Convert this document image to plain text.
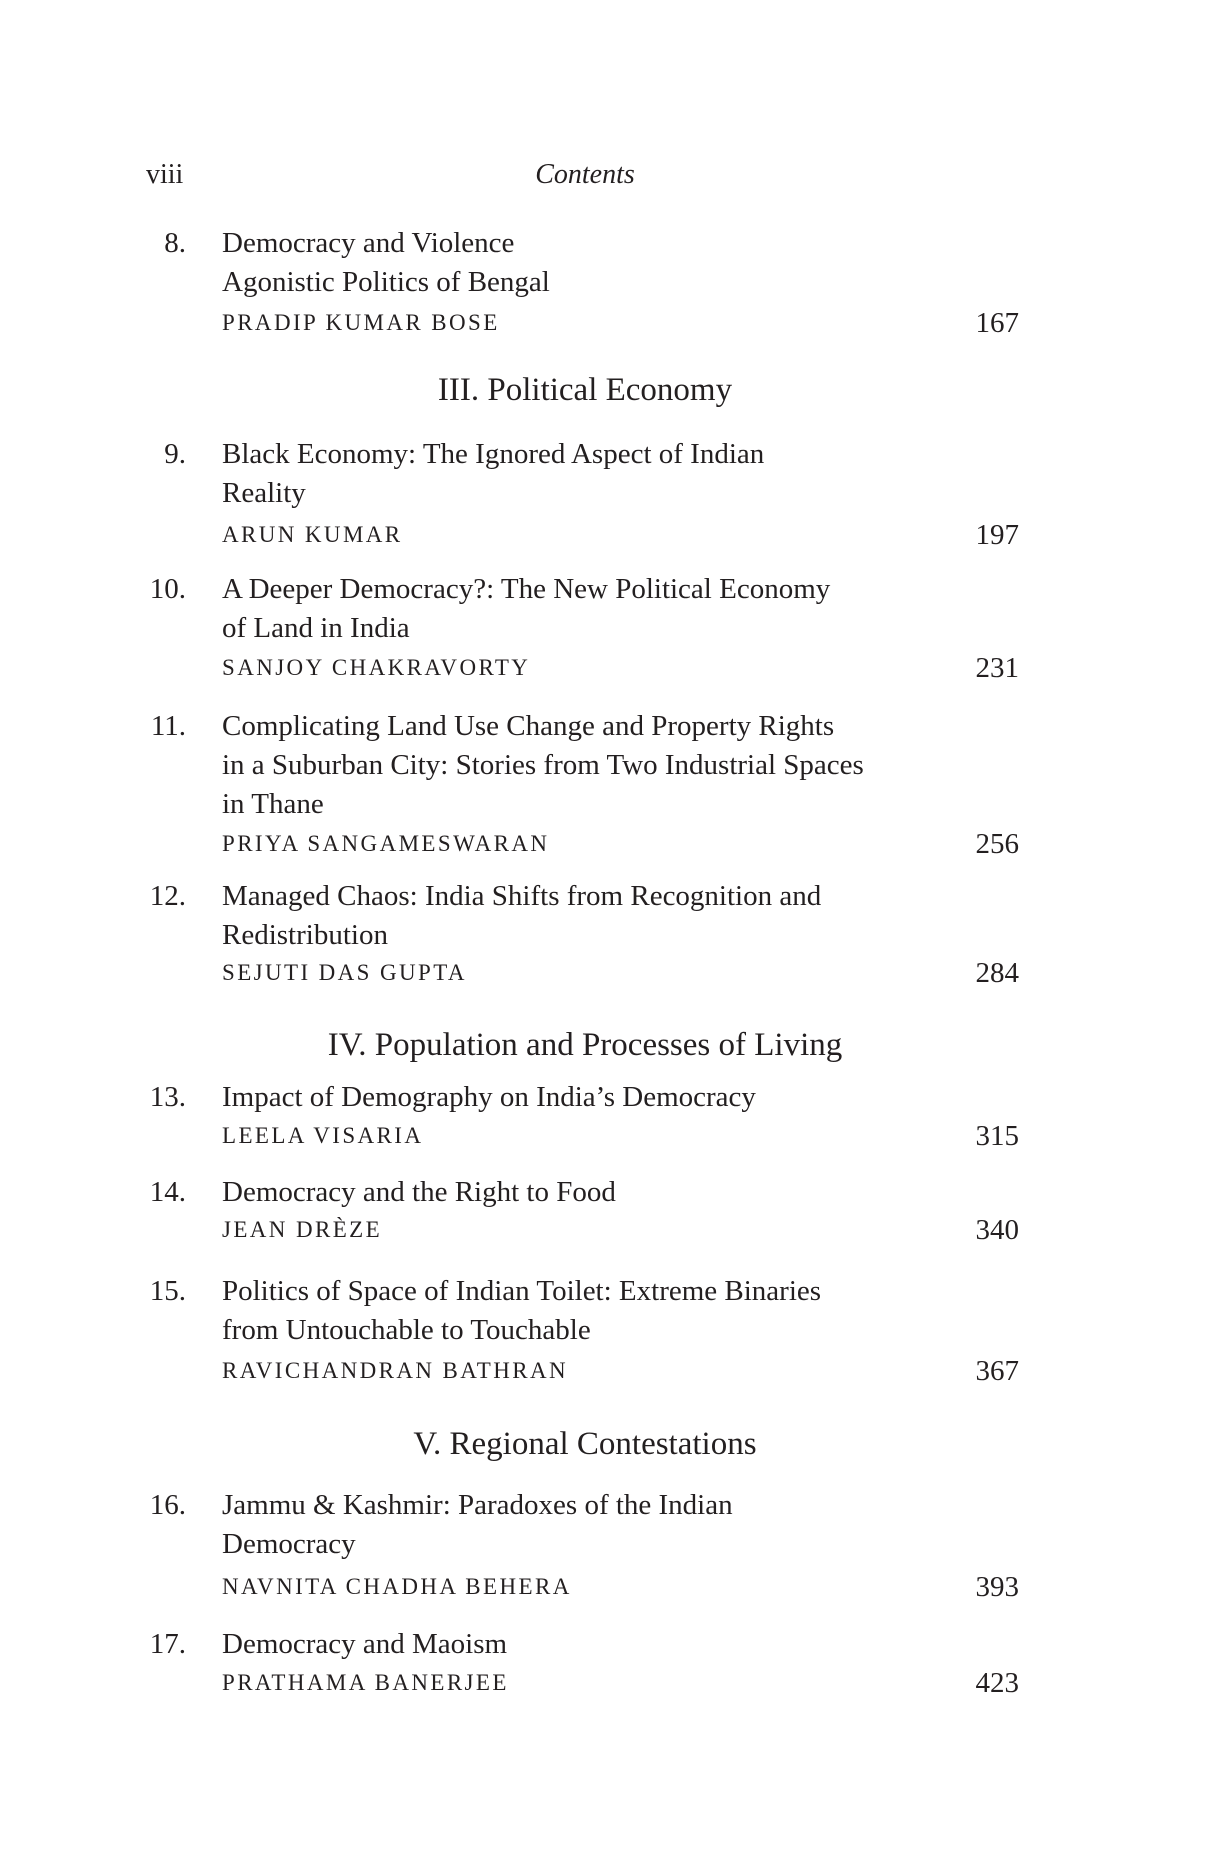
viii	Contents
8. Democracy and Violence
Agonistic Politics of Bengal
PRADIP KUMAR BOSE	167
III. Political Economy
9. Black Economy: The Ignored Aspect of Indian
Reality
ARUN KUMAR	197
10. A Deeper Democracy?: The New Political Economy
of Land in India
SANJOY CHAKRAVORTY	231
11. Complicating Land Use Change and Property Rights
in a Suburban City: Stories from Two Industrial Spaces
in Thane
PRIYA SANGAMESWARAN	256
12. Managed Chaos: India Shifts from Recognition and
Redistribution
SEJUTI DAS GUPTA	284
IV. Population and Processes of Living
13. Impact of Demography on India’s Democracy
LEELA VISARIA	315
14. Democracy and the Right to Food
JEAN DRÈZE	340
15. Politics of Space of Indian Toilet: Extreme Binaries
from Untouchable to Touchable
RAVICHANDRAN BATHRAN	367
V. Regional Contestations
16. Jammu & Kashmir: Paradoxes of the Indian
Democracy
NAVNITA CHADHA BEHERA	393
17. Democracy and Maoism
PRATHAMA BANERJEE	423
